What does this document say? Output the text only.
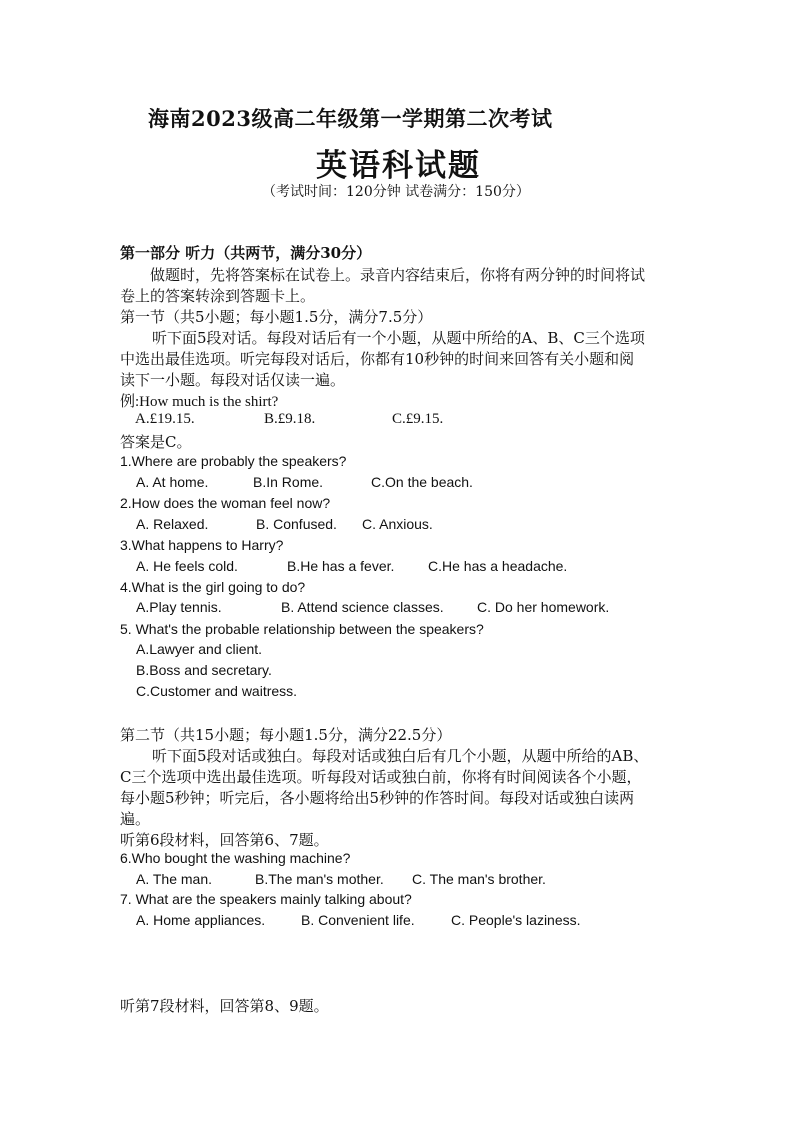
海南2023级高二年级第一学期第二次考试
英语科试题
（考试时间：120分钟 试卷满分：150分）
第一部分 听力（共两节，满分30分）
做题时，先将答案标在试卷上。录音内容结束后，你将有两分钟的时间将试
卷上的答案转涂到答题卡上。
第一节（共5小题；每小题1.5分，满分7.5分）
听下面5段对话。每段对话后有一个小题，从题中所给的A、B、C三个选项
中选出最佳选项。听完每段对话后，你都有10秒钟的时间来回答有关小题和阅
读下一小题。每段对话仅读一遍。
例:How much is the shirt?
A.£19.15.	B.£9.18.	C.£9.15.
答案是C。
1.Where are probably the speakers?
A. At home.	B.In Rome.	C.On the beach.
2.How does the woman feel now?
A. Relaxed.	B. Confused. C. Anxious.
3.What happens to Harry?
A. He feels cold.	B.He has a fever. C.He has a headache.
4.What is the girl going to do?
A.Play tennis.	B. Attend science classes. C. Do her homework.
5. What's the probable relationship between the speakers?
A.Lawyer and client.
B.Boss and secretary.
C.Customer and waitress.
第二节（共15小题；每小题1.5分，满分22.5分）
听下面5段对话或独白。每段对话或独白后有几个小题，从题中所给的AB、
C三个选项中选出最佳选项。听每段对话或独白前，你将有时间阅读各个小题，
每小题5秒钟；听完后，各小题将给出5秒钟的作答时间。每段对话或独白读两
遍。
听第6段材料，回答第6、7题。
6.Who bought the washing machine?
A. The man.	B.The man's mother. C. The man's brother.
7. What are the speakers mainly talking about?
A. Home appliances.	B. Convenient life.	C. People's laziness.
听第7段材料，回答第8、9题。
